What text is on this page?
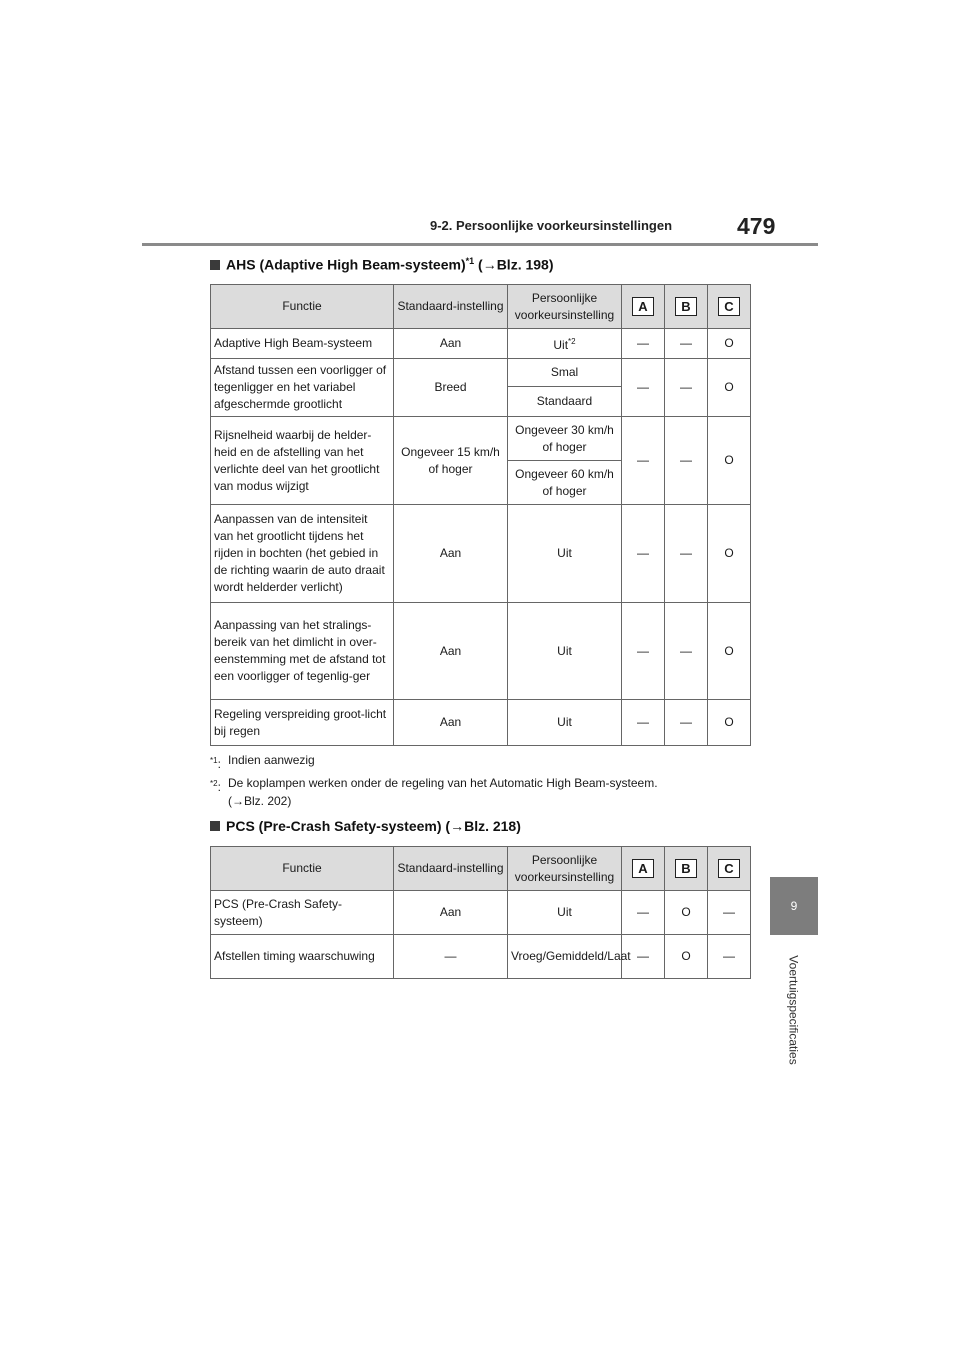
9-2. Persoonlijke voorkeursinstellingen	479
9
Voertuigspecificaties
AHS (Adaptive High Beam-systeem)$^{*1}$ (→Blz. 198)
Functie	Standaard-instelling	Persoonlijke voorkeursinstelling	A	B	C
Adaptive High Beam-systeem	Aan	Uit$^{*2}$	—	—	O
Afstand tussen een voorligger of tegenligger en het variabel afgeschermde grootlicht	Breed	Smal	—	—	O
		Standaard			
Rijsnelheid waarbij de helder-heid en de afstelling van het verlichte deel van het grootlicht van modus wijzigt	Ongeveer 15 km/h of hoger	Ongeveer 30 km/h of hoger	—	—	O
		Ongeveer 60 km/h of hoger			
Aanpassen van de intensiteit van het grootlicht tijdens het rijden in bochten (het gebied in de richting waarin de auto draait wordt helderder verlicht)	Aan	Uit	—	—	O
Aanpassing van het stralings-bereik van het dimlicht in over-eenstemming met de afstand tot een voorligger of tegenlig-ger	Aan	Uit	—	—	O
Regeling verspreiding groot-licht bij regen	Aan	Uit	—	—	O
$^{*1}$: Indien aanwezig
$^{*2}$: De koplampen werken onder de regeling van het Automatic High Beam-systeem.
(→Blz. 202)
PCS (Pre-Crash Safety-systeem) (→Blz. 218)
Functie	Standaard-instelling	Persoonlijke voorkeursinstelling	A	B	C
PCS (Pre-Crash Safety-systeem)	Aan	Uit	—	O	—
Afstellen timing waarschuwing	—	Vroeg/Gemiddeld/Laat	—	O	—
